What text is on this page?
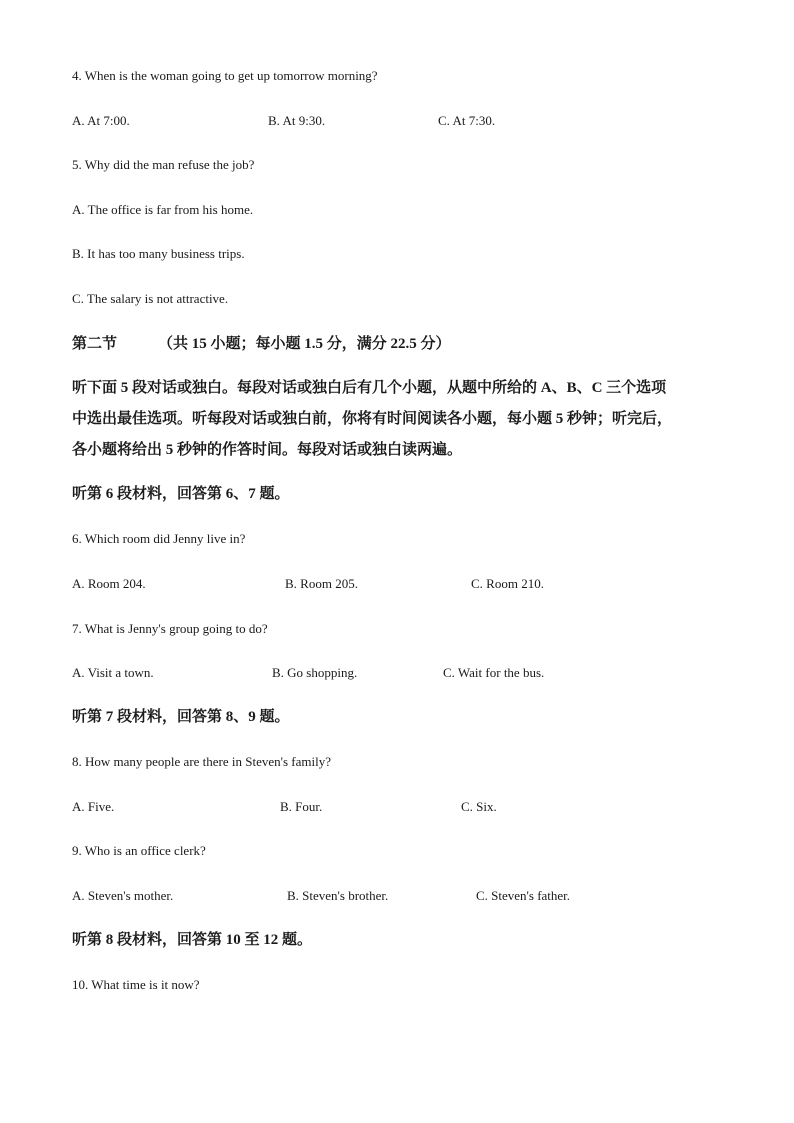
4. When is the woman going to get up tomorrow morning?
A. At 7:00.	B. At 9:30.	C. At 7:30.
5. Why did the man refuse the job?
A. The office is far from his home.
B. It has too many business trips.
C. The salary is not attractive.
第二节	（共 15 小题；每小题 1.5 分，满分 22.5 分）
听下面 5 段对话或独白。每段对话或独白后有几个小题，从题中所给的 A、B、C 三个选项
中选出最佳选项。听每段对话或独白前，你将有时间阅读各小题，每小题 5 秒钟；听完后，
各小题将给出 5 秒钟的作答时间。每段对话或独白读两遍。
听第 6 段材料，回答第 6、7 题。
6. Which room did Jenny live in?
A. Room 204.	B. Room 205.	C. Room 210.
7. What is Jenny's group going to do?
A. Visit a town.	B. Go shopping.	C. Wait for the bus.
听第 7 段材料，回答第 8、9 题。
8. How many people are there in Steven's family?
A. Five.	B. Four.	C. Six.
9. Who is an office clerk?
A. Steven's mother.	B. Steven's brother.	C. Steven's father.
听第 8 段材料，回答第 10 至 12 题。
10. What time is it now?
